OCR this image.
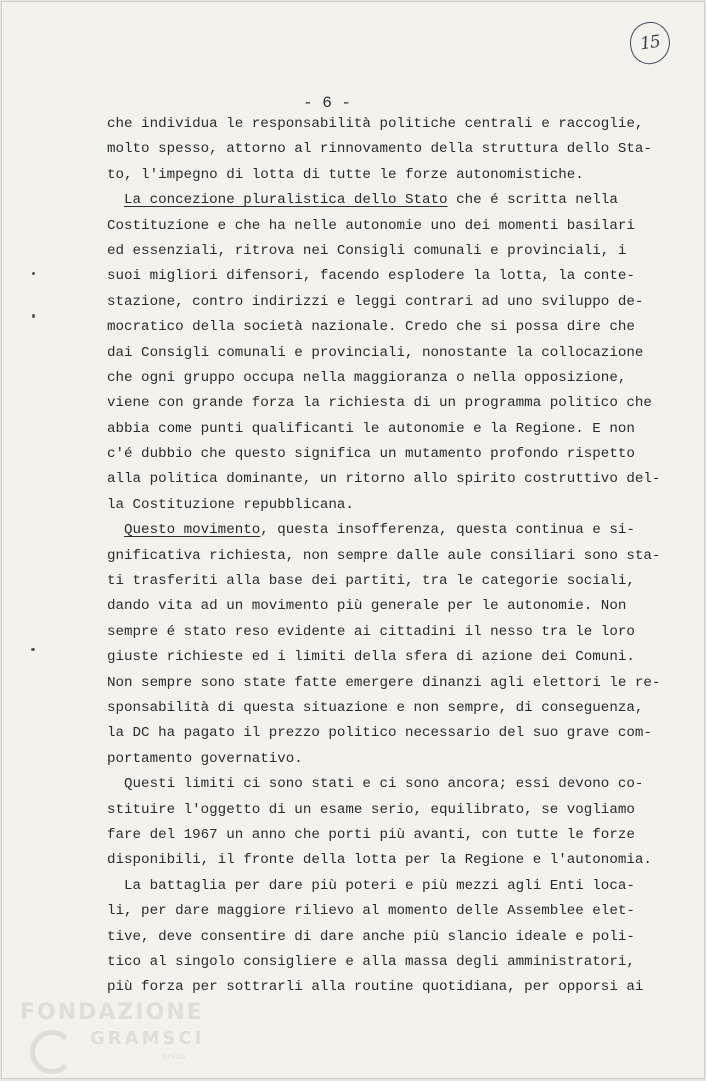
15
- 6 -
che individua le responsabilità politiche centrali e raccoglie,
molto spesso, attorno al rinnovamento della struttura dello Sta-
to, l'impegno di lotta di tutte le forze autonomistiche.
La concezione pluralistica dello Stato che é scritta nella
Costituzione e che ha nelle autonomie uno dei momenti basilari
ed essenziali, ritrova nei Consigli comunali e provinciali, i
suoi migliori difensori, facendo esplodere la lotta, la conte-
stazione, contro indirizzi e leggi contrari ad uno sviluppo de-
mocratico della società nazionale. Credo che si possa dire che
dai Consigli comunali e provinciali, nonostante la collocazione
che ogni gruppo occupa nella maggioranza o nella opposizione,
viene con grande forza la richiesta di un programma politico che
abbia come punti qualificanti le autonomie e la Regione. E non
c'é dubbio che questo significa un mutamento profondo rispetto
alla politica dominante, un ritorno allo spirito costruttivo del-
la Costituzione repubblicana.
Questo movimento, questa insofferenza, questa continua e si-
gnificativa richiesta, non sempre dalle aule consiliari sono sta-
ti trasferiti alla base dei partiti, tra le categorie sociali,
dando vita ad un movimento più generale per le autonomie. Non
sempre é stato reso evidente ai cittadini il nesso tra le loro
giuste richieste ed i limiti della sfera di azione dei Comuni.
Non sempre sono state fatte emergere dinanzi agli elettori le re-
sponsabilità di questa situazione e non sempre, di conseguenza,
la DC ha pagato il prezzo politico necessario del suo grave com-
portamento governativo.
Questi limiti ci sono stati e ci sono ancora; essi devono co-
stituire l'oggetto di un esame serio, equilibrato, se vogliamo
fare del 1967 un anno che porti più avanti, con tutte le forze
disponibili, il fronte della lotta per la Regione e l'autonomia.
La battaglia per dare più poteri e più mezzi agli Enti loca-
li, per dare maggiore rilievo al momento delle Assemblee elet-
tive, deve consentire di dare anche più slancio ideale e poli-
tico al singolo consigliere e alla massa degli amministratori,
più forza per sottrarli alla routine quotidiana, per opporsi ai
FONDAZIONE
GRAMSCI
onlus
